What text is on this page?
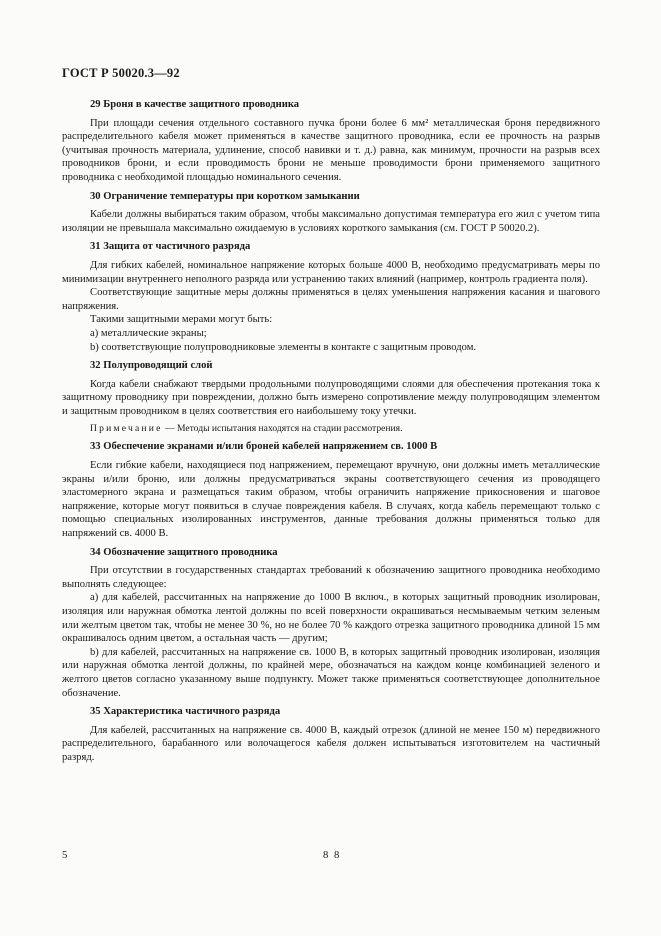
ГОСТ Р 50020.3—92

29 Броня в качестве защитного проводника

При площади сечения отдельного составного пучка брони более 6 мм² металлическая броня передвижного распределительного кабеля может применяться в качестве защитного проводника, если ее прочность на разрыв (учитывая прочность материала, удлинение, способ навивки и т. д.) равна, как минимум, прочности на разрыв всех проводников брони, и если проводимость брони не меньше проводимости брони применяемого защитного проводника с необходимой площадью номинального сечения.

30 Ограничение температуры при коротком замыкании

Кабели должны выбираться таким образом, чтобы максимально допустимая температура его жил с учетом типа изоляции не превышала максимально ожидаемую в условиях короткого замыкания (см. ГОСТ Р 50020.2).

31 Защита от частичного разряда

Для гибких кабелей, номинальное напряжение которых больше 4000 В, необходимо предусматривать меры по минимизации внутреннего неполного разряда или устранению таких влияний (например, контроль градиента поля).

Соответствующие защитные меры должны применяться в целях уменьшения напряжения касания и шагового напряжения.

Такими защитными мерами могут быть:

a) металлические экраны;

b) соответствующие полупроводниковые элементы в контакте с защитным проводом.

32 Полупроводящий слой

Когда кабели снабжают твердыми продольными полупроводящими слоями для обеспечения протекания тока к защитному проводнику при повреждении, должно быть измерено сопротивление между полупроводящим элементом и защитным проводником в целях соответствия его наибольшему току утечки.

Примечание — Методы испытания находятся на стадии рассмотрения.

33 Обеспечение экранами и/или броней кабелей напряжением св. 1000 В

Если гибкие кабели, находящиеся под напряжением, перемещают вручную, они должны иметь металлические экраны и/или броню, или должны предусматриваться экраны соответствующего сечения из проводящего эластомерного экрана и размещаться таким образом, чтобы ограничить напряжение прикосновения и шаговое напряжение, которые могут появиться в случае повреждения кабеля. В случаях, когда кабель перемещают только с помощью специальных изолированных инструментов, данные требования должны применяться только для напряжений св. 4000 В.

34 Обозначение защитного проводника

При отсутствии в государственных стандартах требований к обозначению защитного проводника необходимо выполнять следующее:

а) для кабелей, рассчитанных на напряжение до 1000 В включ., в которых защитный проводник изолирован, изоляция или наружная обмотка лентой должны по всей поверхности окрашиваться несмываемым четким зеленым или желтым цветом так, чтобы не менее 30 %, но не более 70 % каждого отрезка защитного проводника длиной 15 мм окрашивалось одним цветом, а остальная часть — другим;

b) для кабелей, рассчитанных на напряжение св. 1000 В, в которых защитный проводник изолирован, изоляция или наружная обмотка лентой должны, по крайней мере, обозначаться на каждом конце комбинацией зеленого и желтого цветов согласно указанному выше подпункту. Может также применяться соответствующее дополнительное обозначение.

35 Характеристика частичного разряда

Для кабелей, рассчитанных на напряжение св. 4000 В, каждый отрезок (длиной не менее 150 м) передвижного распределительного, барабанного или волочащегося кабеля должен испытываться изготовителем на частичный разряд.

5	8 8
